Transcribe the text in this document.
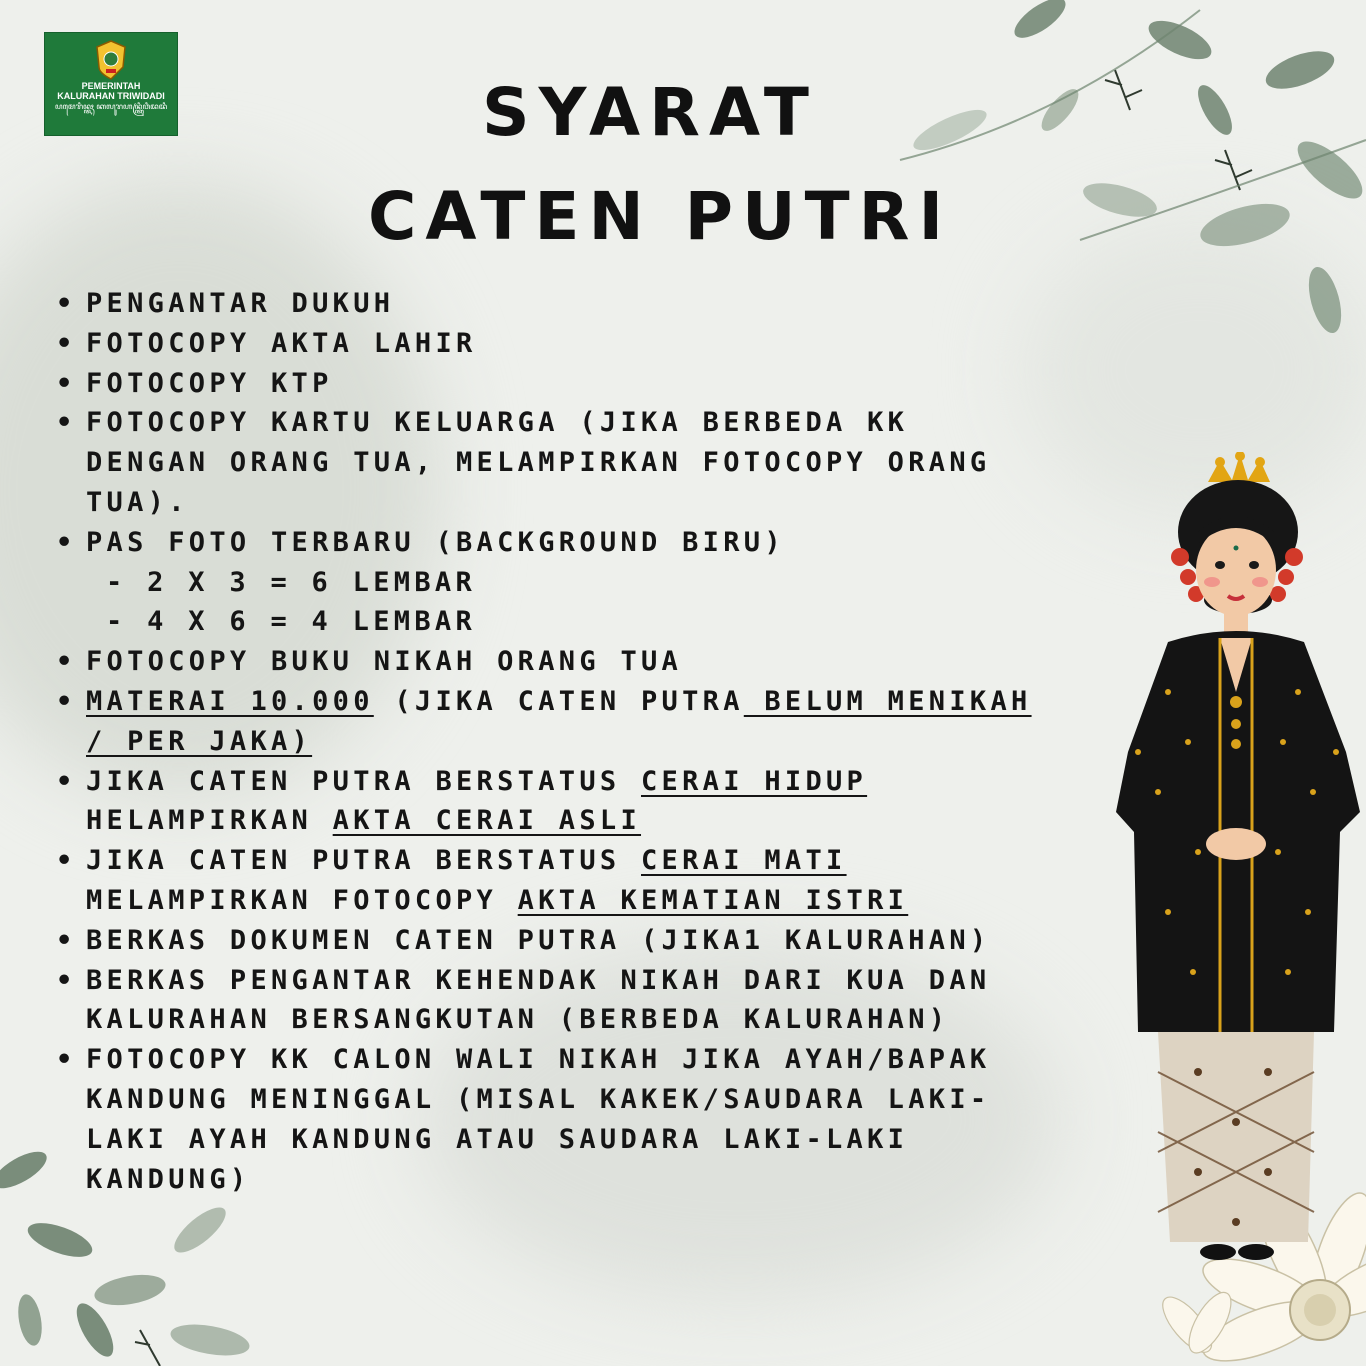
PEMERINTAH
KALURAHAN TRIWIDADI
ꦥꦩꦺꦫꦶꦤ꧀ꦠꦃ ꦏꦭꦸꦫꦲꦤ꧀ꦠꦿꦶꦮꦶꦢꦢꦶ	SYARAT
CATEN PUTRI
• PENGANTAR DUKUH
• FOTOCOPY AKTA LAHIR
• FOTOCOPY KTP
• FOTOCOPY KARTU KELUARGA (JIKA BERBEDA KK
DENGAN ORANG TUA, MELAMPIRKAN FOTOCOPY ORANG
TUA).
• PAS FOTO TERBARU (BACKGROUND BIRU)
- 2 X 3 = 6 LEMBAR
- 4 X 6 = 4 LEMBAR
• FOTOCOPY BUKU NIKAH ORANG TUA
• MATERAI 10.000 (JIKA CATEN PUTRA BELUM MENIKAH
/ PER JAKA)
• JIKA CATEN PUTRA BERSTATUS CERAI HIDUP
HELAMPIRKAN AKTA CERAI ASLI
• JIKA CATEN PUTRA BERSTATUS CERAI MATI
MELAMPIRKAN FOTOCOPY AKTA KEMATIAN ISTRI
• BERKAS DOKUMEN CATEN PUTRA (JIKA1 KALURAHAN)
• BERKAS PENGANTAR KEHENDAK NIKAH DARI KUA DAN
KALURAHAN BERSANGKUTAN (BERBEDA KALURAHAN)
• FOTOCOPY KK CALON WALI NIKAH JIKA AYAH/BAPAK
KANDUNG MENINGGAL (MISAL KAKEK/SAUDARA LAKI-
LAKI AYAH KANDUNG ATAU SAUDARA LAKI-LAKI
KANDUNG)
